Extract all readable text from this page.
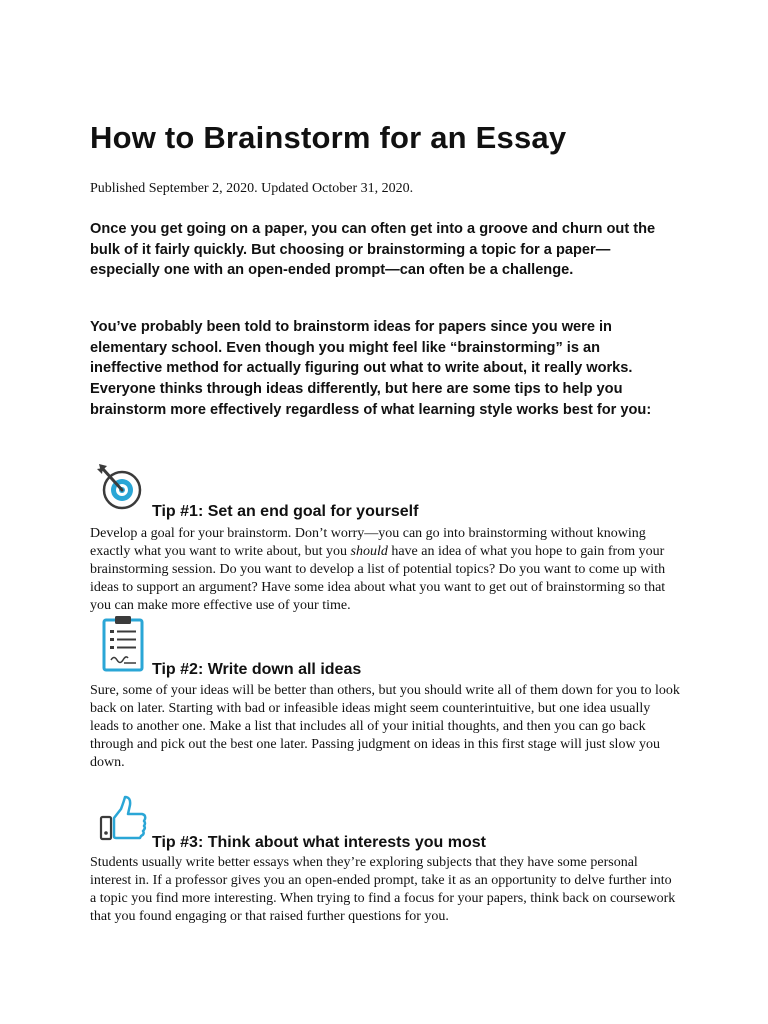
How to Brainstorm for an Essay
Published September 2, 2020. Updated October 31, 2020.

Once you get going on a paper, you can often get into a groove and churn out the bulk of it fairly quickly. But choosing or brainstorming a topic for a paper—especially one with an open-ended prompt—can often be a challenge.

You’ve probably been told to brainstorm ideas for papers since you were in elementary school. Even though you might feel like “brainstorming” is an ineffective method for actually figuring out what to write about, it really works. Everyone thinks through ideas differently, but here are some tips to help you brainstorm more effectively regardless of what learning style works best for you:

Tip #1: Set an end goal for yourself

Develop a goal for your brainstorm. Don’t worry—you can go into brainstorming without knowing exactly what you want to write about, but you should have an idea of what you hope to gain from your brainstorming session. Do you want to develop a list of potential topics? Do you want to come up with ideas to support an argument? Have some idea about what you want to get out of brainstorming so that you can make more effective use of your time.

Tip #2: Write down all ideas

Sure, some of your ideas will be better than others, but you should write all of them down for you to look back on later. Starting with bad or infeasible ideas might seem counterintuitive, but one idea usually leads to another one. Make a list that includes all of your initial thoughts, and then you can go back through and pick out the best one later. Passing judgment on ideas in this first stage will just slow you down.

Tip #3: Think about what interests you most

Students usually write better essays when they’re exploring subjects that they have some personal interest in. If a professor gives you an open-ended prompt, take it as an opportunity to delve further into a topic you find more interesting. When trying to find a focus for your papers, think back on coursework that you found engaging or that raised further questions for you.
